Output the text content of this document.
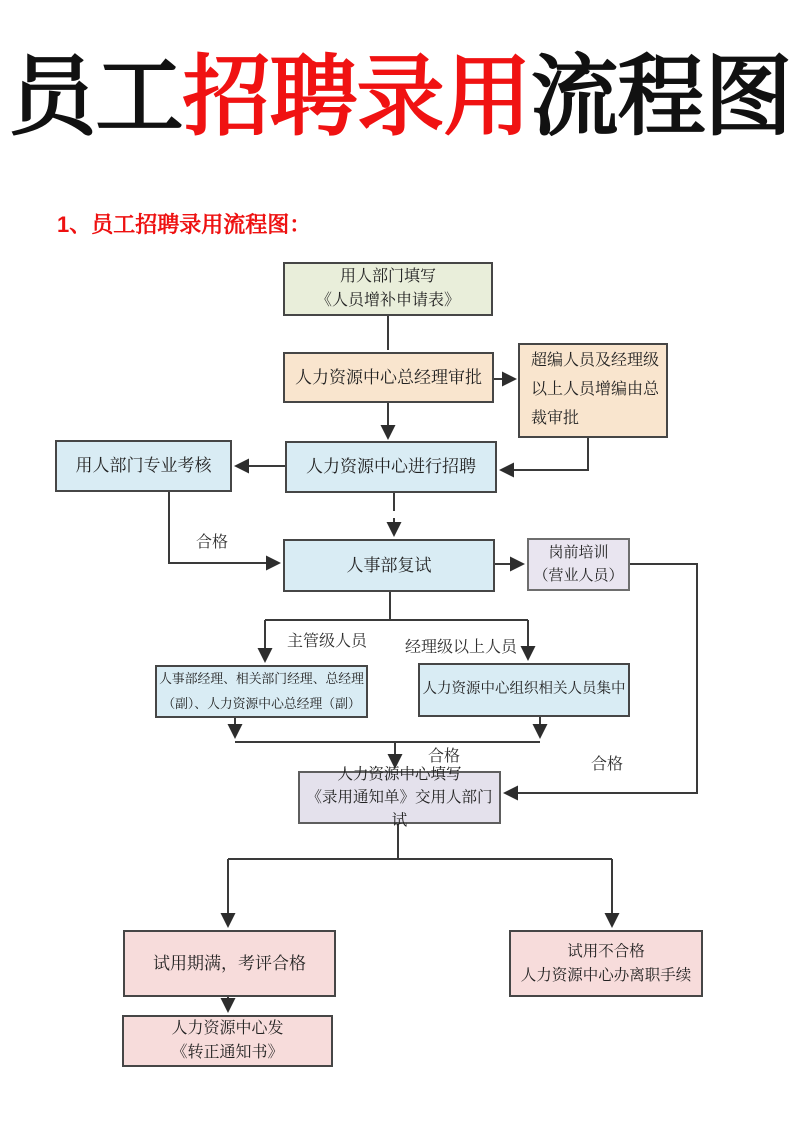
员工招聘录用流程图
1、员工招聘录用流程图：
用人部门填写
《人员增补申请表》
人力资源中心总经理审批
超编人员及经理级
以上人员增编由总
裁审批
人力资源中心进行招聘
用人部门专业考核
人事部复试
岗前培训
（营业人员）
人事部经理、相关部门经理、总经理
（副）、人力资源中心总经理（副）
人力资源中心组织相关人员集中
人力资源中心填写
《录用通知单》交用人部门试
试用期满，考评合格
人力资源中心发
《转正通知书》
试用不合格
人力资源中心办离职手续
合格
主管级人员 经理级以上人员
合格	合格
